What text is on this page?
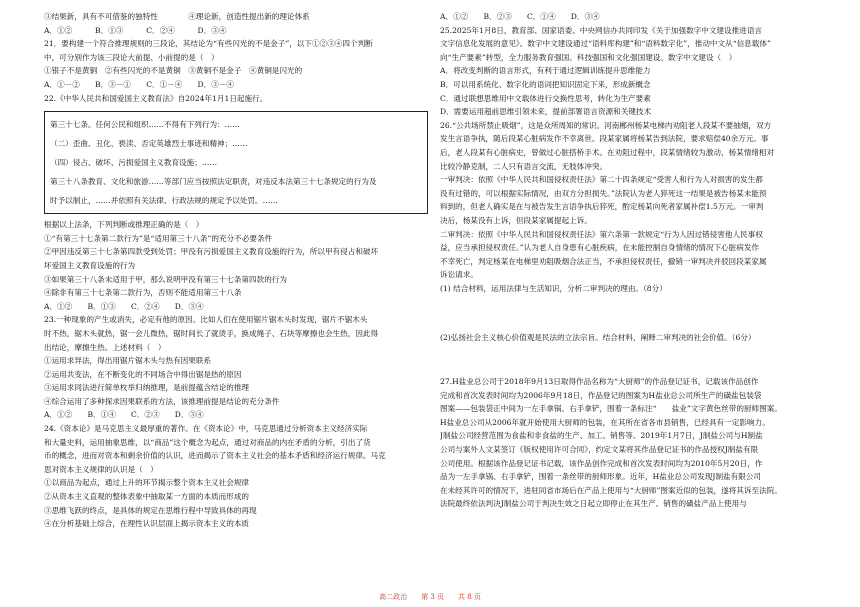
③结果新，具有不可借鉴的独特性　　　　④理论新，创造性提出新的理论体系
A．①②　　　B．①③　　　C．②④　　　D．③④
21．要构建一个符合推理规则的三段论，其结论为“有些闪光的不是金子”，以下①②③④四个判断
中，可分别作为该三段论大前提、小前提的是（　）
①银子不是黄铜　②有些闪光的不是黄铜　③黄铜不是金子　④黄铜是闪光的
A．①－②　　B．③－①　　C．①－④　　D．③－④
22.《中华人民共和国爱国主义教育法》自2024年1月1日起施行。
第三十七条。任何公民和组织……不得有下列行为：……
（二）歪曲、丑化、亵渎、否定英雄烈士事迹和精神；……
（四）侵占、破坏、污损爱国主义教育设施；……
第三十八条教育、文化和旅游……等部门应当按照法定职责，对违反本法第三十七条规定的行为及
时予以制止，……并依照有关法律、行政法规的规定予以处罚。……
根据以上法条，下列判断或推理正确的是（　）
①“有第三十七条第二款行为”是“适用第三十八条”的充分不必要条件
②甲因违反第三十七条第四款受到处罚；甲没有污损爱国主义教育设施的行为，所以甲有侵占和破坏
坏爱国主义教育设施的行为
③如果第三十八条未适用于甲，那么说明甲没有第三十七条第四款的行为
④除非有第三十七条第二款行为，否则不能适用第三十八条
A．①②　　B．①③　　C．②④　　D．③④
23.一种现象的产生或消失，必定有他的原因。比如人们在使用锯片锯木头时发现，锯片不锯木头
时不热，锯木头就热，锯一会儿微热，锯时间长了就烫手，换成绳子、石块等摩擦也会生热，因此得
出结论，摩擦生热。上述材料（　）
①运用求异法，得出用锯片锯木头与热有因果联系
②运用共变法，在不断变化的不同场合中得出锯是热的原因
③运用求同法进行简单枚举归纳推理，是前提蕴含结论的推理
④综合运用了多种探求因果联系的方法，该推理前提是结论的充分条件
A．①②　　B．①④　　C．②③　　D．③④
24.《资本论》是马克思主义最厚重的著作。在《资本论》中，马克思通过分析资本主义经济实际
和大量史料，运用抽象思维，以“商品”这个概念为起点，通过对商品的内在矛盾的分析，引出了货
币的概念，进而对资本和剩余价值的认识，进而揭示了资本主义社会的基本矛盾和经济运行规律。马克
思对资本主义规律的认识是（　）
①以商品为起点，通过上升的环节揭示整个资本主义社会规律
②从资本主义直观的整体表象中抽取某一方面的本质而形成的
③思维飞跃的终点，是具体的规定在思维行程中导致具体的再现
④在分析基础上综合，在理性认识层面上揭示资本主义的本质
A．①②　　B．②③　　C．①④　　D．③④
25.2025年1月8日，教育部、国家语委、中央网信办共同印发《关于加强数字中文建设推进语言
文字信息化发展的意见》。数字中文建设通过“语料库构建”和“语料数字化”，推动中文从“信息载体”
向“生产要素”转型，全力服务教育强国、科技强国和文化强国建设。数字中文建设（　）
A．将改变判断的语言形式，有利于通过逻辑训练提升思维能力
B．可以用系统化、数字化的语词把知识固定下来，形成新概念
C．通过联想思维用中文载体进行交换性思考，转化为生产要素
D．需要运用超前思维引领未来，提前部署语言资源和关键技术
26.“公共场所禁止吸烟”，这是众所周知的常识。河南郴州杨某电梯内劝阻老人段某不要抽烟，双方
发生言语争执，随后段某心脏病发作不幸离世。段某家属将杨某告到法院，要求赔偿40余万元。事
后，老人段某有心脏病史，曾做过心脏搭桥手术。在劝阻过程中，段某情绪较为激动，杨某情绪相对
比较冷静克制，二人只有语言交流，无肢体冲突。
一审判决：依照《中华人民共和国侵权责任法》第二十四条规定“受害人和行为人对损害的发生都
没有过错的，可以根据实际情况，由双方分担损失。”法院认为老人猝死这一结果是被告杨某未能预
料到的，但老人确实是在与被告发生言语争执后猝死，酌定杨某向死者家属补偿1.5万元。一审判
决后，杨某没有上诉，但段某家属提起上诉。
二审判决：依照《中华人民共和国侵权责任法》第六条第一款规定“行为人因过错侵害他人民事权
益，应当承担侵权责任。”认为老人自身患有心脏疾病，在未能控制自身情绪的情况下心脏病发作
不幸死亡，判定杨某在电梯里劝阻吸烟合法正当，不承担侵权责任，撤销一审判决并驳回段某家属
诉讼请求。
(1) 结合材料，运用法律与生活知识，分析二审判决的理由。（8分）
(2)弘扬社会主义核心价值观是民法的立法宗旨。结合材料，阐释二审判决的社会价值。（6分）
27.H盐业总公司于2018年9月13日取得作品名称为“大厨师”的作品登记证书，记载该作品创作
完成和首次发表时间均为2006年9月18日，作品登记的图案为H盐业总公司所生产的磺盐包装袋
图案——包装袋正中间为一左手拿锅、右手拿铲，围着一条标注“　　盐业”文字黄色丝带的厨师图案。
H盐业总公司从2006年就开始使用大厨师的包装，在其所在省各市县销售，已经具有一定影响力。
J制盐公司经营范围为食盐和非食盐的生产、加工、销售等。2019年1月7日，J制盐公司与H制盐
公司与案外人文某签订《版权使用许可合同》，约定文某将其作品登记证书的作品授权J制盐有限
公司使用。根据该作品登记证书记载，该作品创作完成和首次发表时间均为2010年5月20日，作
品为一左手拿锅、右手拿铲，围着一条丝带的厨师形象。近年，H盐业总公司发现J制盐有限公司
在未经其许可的情况下，进驻同省市场后在产品上使用与“大厨师”图案近似的包装，遂将其诉至法院。
法院最终依法判决J制盐公司于判决生效之日起立即停止在其生产、销售的磺盐产品上使用与
高二政治　　第 3 页　　共 8 页
